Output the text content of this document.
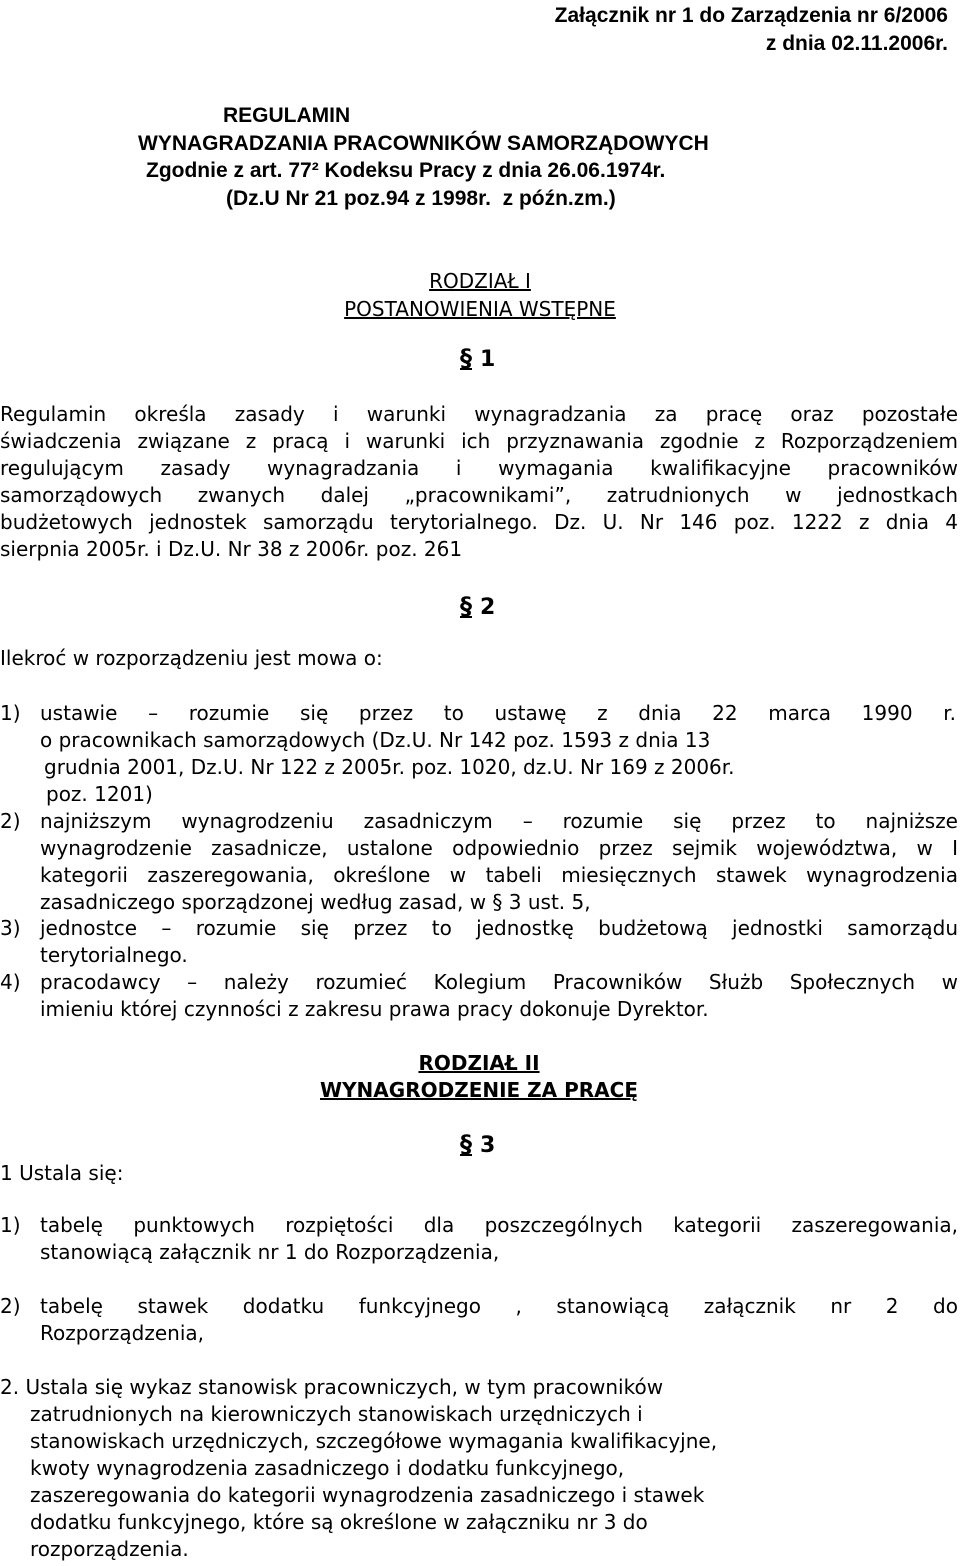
Załącznik nr 1 do Zarządzenia nr 6/2006
z dnia 02.11.2006r.
REGULAMIN
WYNAGRADZANIA PRACOWNIKÓW SAMORZĄDOWYCH
Zgodnie z art. 77² Kodeksu Pracy z dnia 26.06.1974r.
(Dz.U Nr 21 poz.94 z 1998r.  z późn.zm.)
RODZIAŁ I
POSTANOWIENIA WSTĘPNE
§ 1
Regulamin określa zasady i warunki wynagradzania za pracę oraz pozostałe
świadczenia związane z pracą i warunki ich przyznawania zgodnie z Rozporządzeniem
regulującym zasady wynagradzania i wymagania kwalifikacyjne pracowników
samorządowych zwanych dalej „pracownikami”, zatrudnionych w jednostkach
budżetowych jednostek samorządu terytorialnego. Dz. U. Nr 146 poz. 1222 z dnia 4
sierpnia 2005r. i Dz.U. Nr 38 z 2006r. poz. 261
§ 2
Ilekroć w rozporządzeniu jest mowa o:
1) ustawie – rozumie się przez to ustawę z dnia 22 marca 1990 r.
o pracownikach samorządowych (Dz.U. Nr 142 poz. 1593 z dnia 13
grudnia 2001, Dz.U. Nr 122 z 2005r. poz. 1020, dz.U. Nr 169 z 2006r.
poz. 1201)
2) najniższym wynagrodzeniu zasadniczym – rozumie się przez to najniższe
wynagrodzenie zasadnicze, ustalone odpowiednio przez sejmik województwa, w I
kategorii zaszeregowania, określone w tabeli miesięcznych stawek wynagrodzenia
zasadniczego sporządzonej według zasad, w § 3 ust. 5,
3) jednostce – rozumie się przez to jednostkę budżetową jednostki samorządu
terytorialnego.
4) pracodawcy – należy rozumieć Kolegium Pracowników Służb Społecznych w
imieniu której czynności z zakresu prawa pracy dokonuje Dyrektor.
RODZIAŁ II
WYNAGRODZENIE ZA PRACĘ
§ 3
1 Ustala się:
1) tabelę punktowych rozpiętości dla poszczególnych kategorii zaszeregowania,
stanowiącą załącznik nr 1 do Rozporządzenia,
2) tabelę stawek dodatku funkcyjnego , stanowiącą załącznik nr 2 do
Rozporządzenia,
2. Ustala się wykaz stanowisk pracowniczych, w tym pracowników
zatrudnionych na kierowniczych stanowiskach urzędniczych i
stanowiskach urzędniczych, szczegółowe wymagania kwalifikacyjne,
kwoty wynagrodzenia zasadniczego i dodatku funkcyjnego,
zaszeregowania do kategorii wynagrodzenia zasadniczego i stawek
dodatku funkcyjnego, które są określone w załączniku nr 3 do
rozporządzenia.
